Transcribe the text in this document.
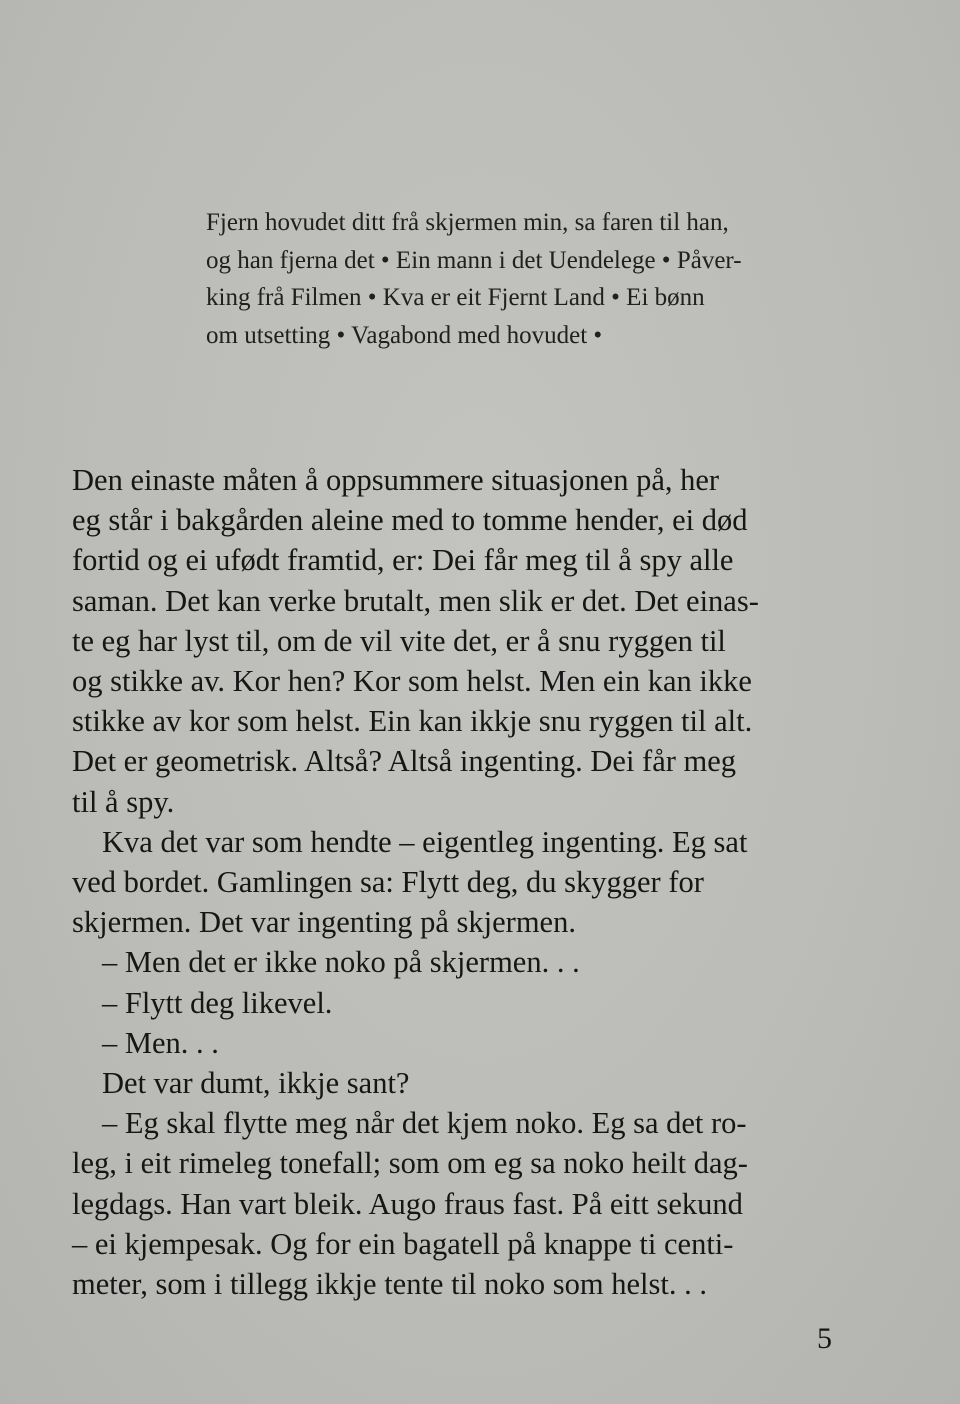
Fjern hovudet ditt frå skjermen min, sa faren til han,
og han fjerna det • Ein mann i det Uendelege • Påver-
king frå Filmen • Kva er eit Fjernt Land • Ei bønn
om utsetting • Vagabond med hovudet •
Den einaste måten å oppsummere situasjonen på, her
eg står i bakgården aleine med to tomme hender, ei død
fortid og ei ufødt framtid, er: Dei får meg til å spy alle
saman. Det kan verke brutalt, men slik er det. Det einas-
te eg har lyst til, om de vil vite det, er å snu ryggen til
og stikke av. Kor hen? Kor som helst. Men ein kan ikke
stikke av kor som helst. Ein kan ikkje snu ryggen til alt.
Det er geometrisk. Altså? Altså ingenting. Dei får meg
til å spy.
Kva det var som hendte – eigentleg ingenting. Eg sat
ved bordet. Gamlingen sa: Flytt deg, du skygger for
skjermen. Det var ingenting på skjermen.
– Men det er ikke noko på skjermen. . .
– Flytt deg likevel.
– Men. . .
Det var dumt, ikkje sant?
– Eg skal flytte meg når det kjem noko. Eg sa det ro-
leg, i eit rimeleg tonefall; som om eg sa noko heilt dag-
legdags. Han vart bleik. Augo fraus fast. På eitt sekund
– ei kjempesak. Og for ein bagatell på knappe ti centi-
meter, som i tillegg ikkje tente til noko som helst. . .
5
